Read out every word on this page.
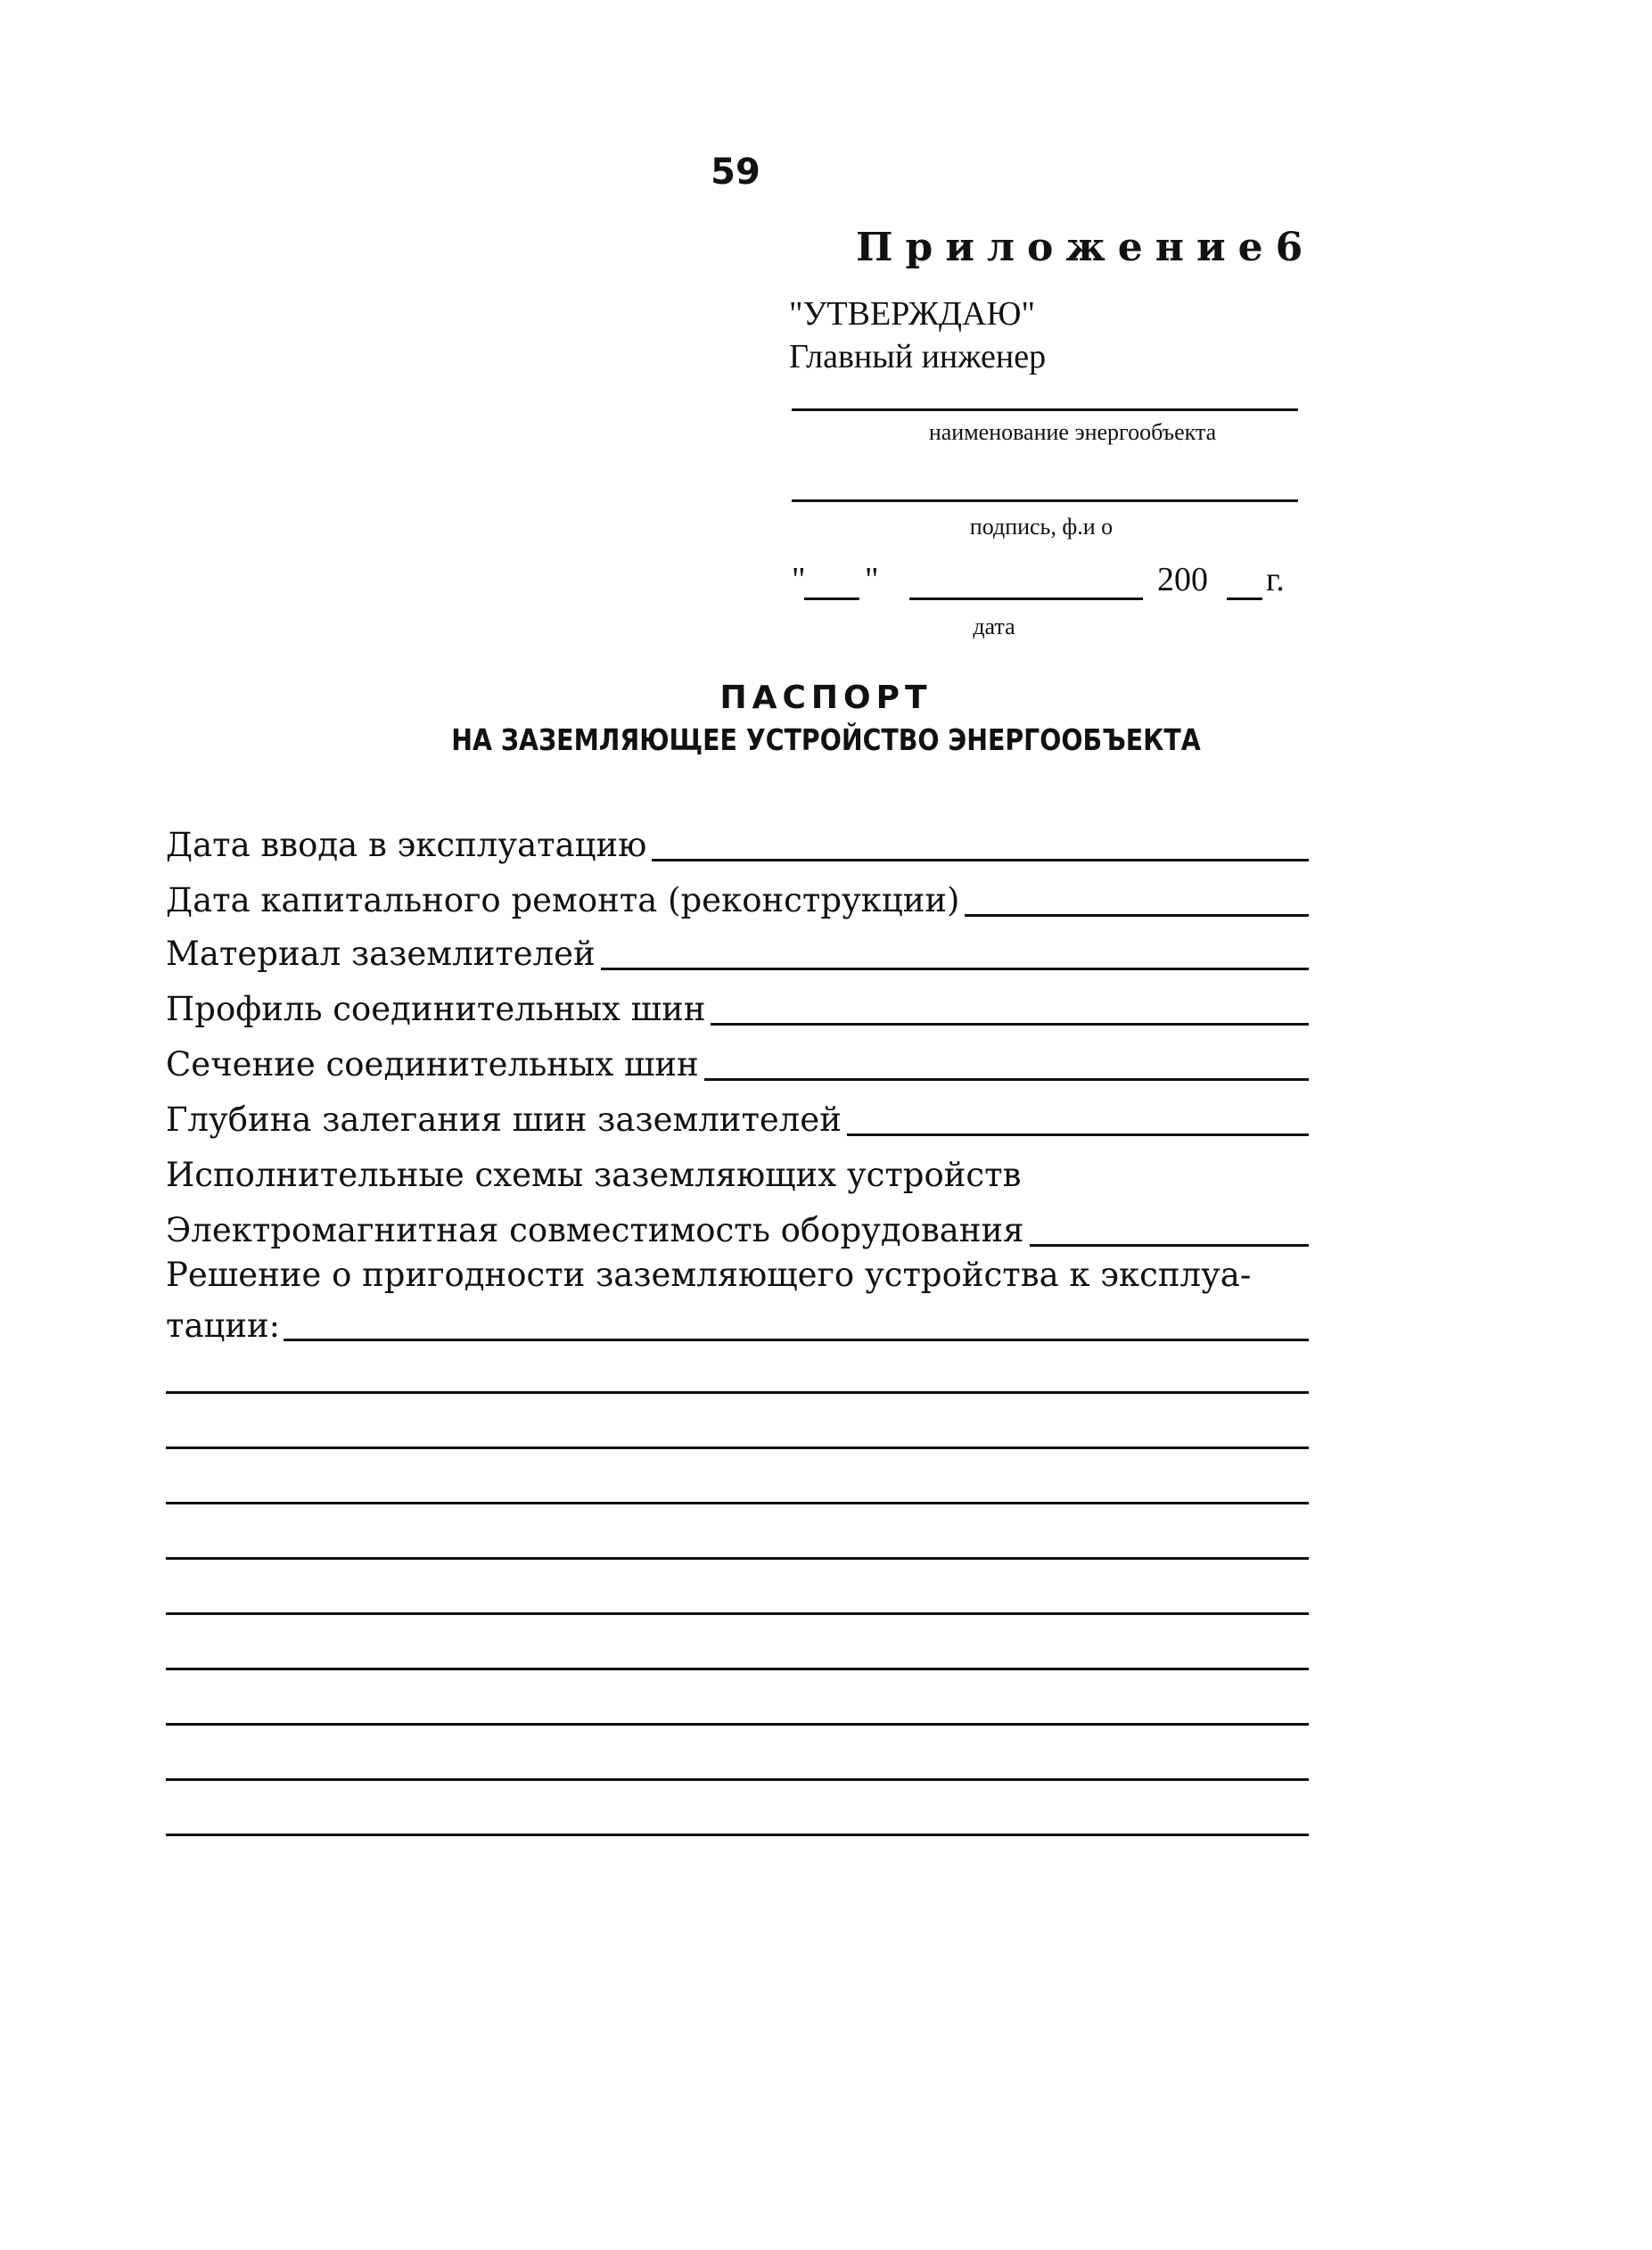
59
Приложение6
"УТВЕРЖДАЮ"
Главный инженер
наименование энергообъекта
подпись, ф.и о
" "	200 г.
дата
ПАСПОРТ
НА ЗАЗЕМЛЯЮЩЕЕ УСТРОЙСТВО ЭНЕРГООБЪЕКТА
Дата ввода в эксплуатацию
Дата капитального ремонта (реконструкции)
Материал заземлителей
Профиль соединительных шин
Сечение соединительных шин
Глубина залегания шин заземлителей
Исполнительные схемы заземляющих устройств
Электромагнитная совместимость оборудования
Решение о пригодности заземляющего устройства к эксплуа-
тации:
